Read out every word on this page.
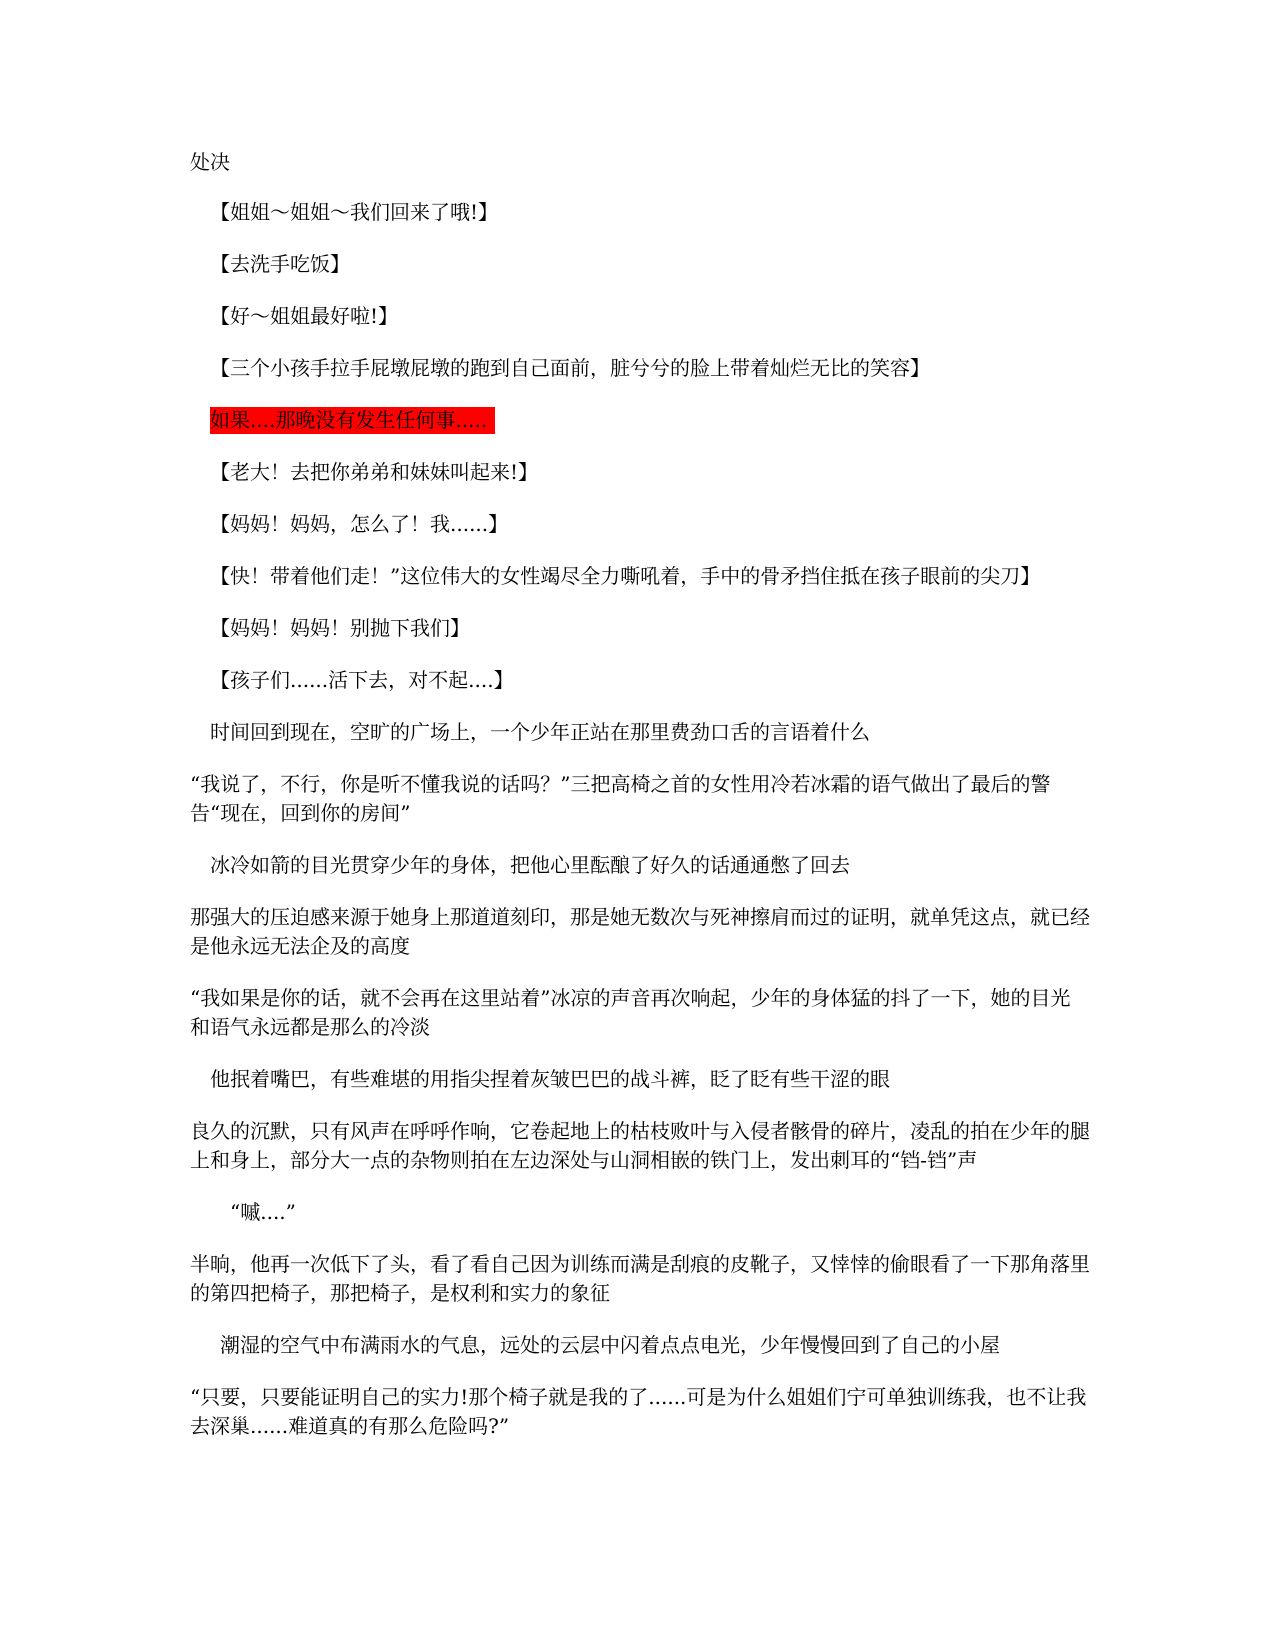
处决

【姐姐～姐姐～我们回来了哦!】

【去洗手吃饭】

【好～姐姐最好啦!】

【三个小孩手拉手屁墩屁墩的跑到自己面前，脏兮兮的脸上带着灿烂无比的笑容】

如果....那晚没有发生任何事.....

【老大！去把你弟弟和妹妹叫起来!】

【妈妈！妈妈，怎么了！我......】

【快！带着他们走！”这位伟大的女性竭尽全力嘶吼着，手中的骨矛挡住抵在孩子眼前的尖刀】

【妈妈！妈妈！别抛下我们】

【孩子们......活下去，对不起....】

时间回到现在，空旷的广场上，一个少年正站在那里费劲口舌的言语着什么

“我说了，不行，你是听不懂我说的话吗？”三把高椅之首的女性用冷若冰霜的语气做出了最后的警告“现在，回到你的房间”

冰冷如箭的目光贯穿少年的身体，把他心里酝酿了好久的话通通憋了回去

那强大的压迫感来源于她身上那道道刻印，那是她无数次与死神擦肩而过的证明，就单凭这点，就已经是他永远无法企及的高度

“我如果是你的话，就不会再在这里站着”冰凉的声音再次响起，少年的身体猛的抖了一下，她的目光和语气永远都是那么的冷淡

他抿着嘴巴，有些难堪的用指尖捏着灰皱巴巴的战斗裤，眨了眨有些干涩的眼

良久的沉默，只有风声在呼呼作响，它卷起地上的枯枝败叶与入侵者骸骨的碎片，凌乱的拍在少年的腿上和身上，部分大一点的杂物则拍在左边深处与山洞相嵌的铁门上，发出刺耳的“铛-铛”声

“嘁....”

半晌，他再一次低下了头，看了看自己因为训练而满是刮痕的皮靴子，又悻悻的偷眼看了一下那角落里的第四把椅子，那把椅子，是权利和实力的象征

潮湿的空气中布满雨水的气息，远处的云层中闪着点点电光，少年慢慢回到了自己的小屋

“只要，只要能证明自己的实力!那个椅子就是我的了......可是为什么姐姐们宁可单独训练我，也不让我去深巢......难道真的有那么危险吗?”
